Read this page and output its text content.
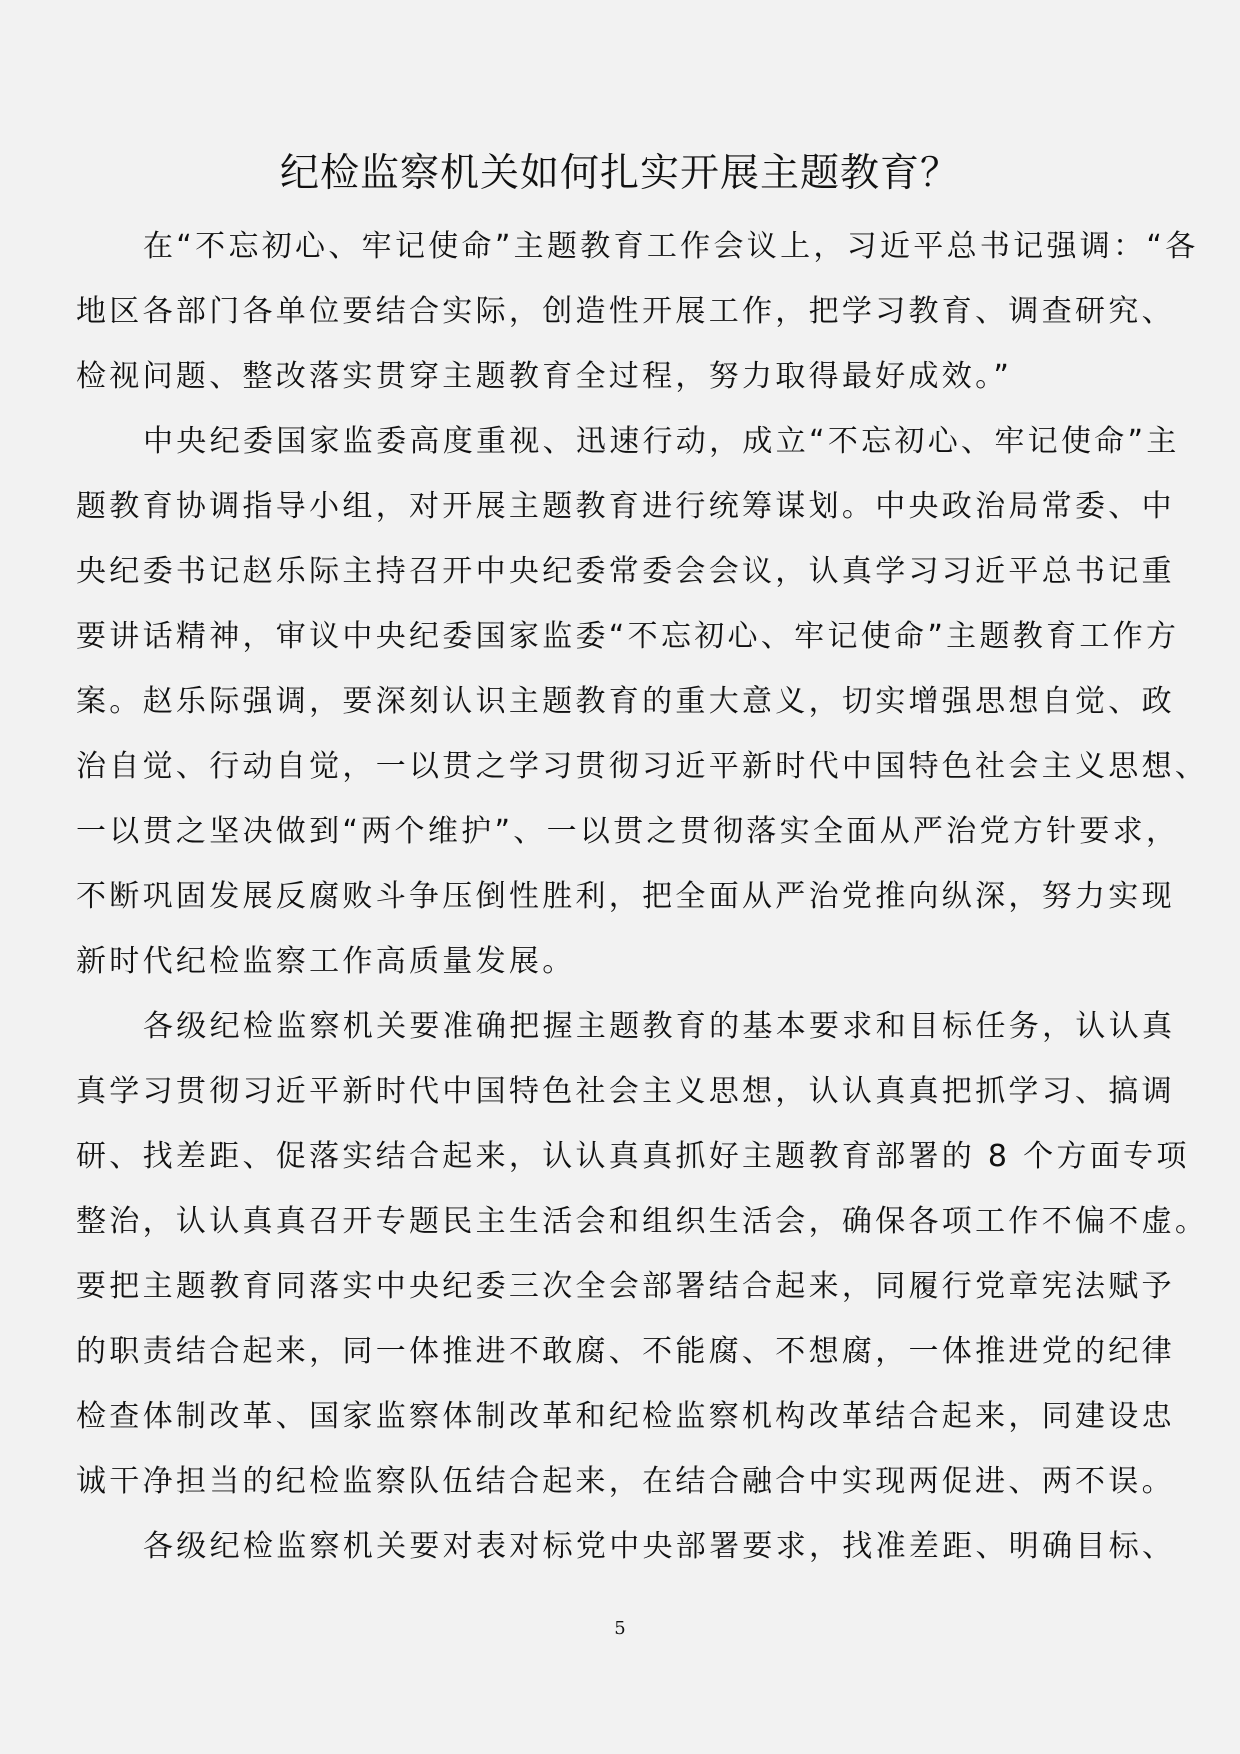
纪检监察机关如何扎实开展主题教育？
在“不忘初心、牢记使命”主题教育工作会议上，习近平总书记强调：“各
地区各部门各单位要结合实际，创造性开展工作，把学习教育、调查研究、
检视问题、整改落实贯穿主题教育全过程，努力取得最好成效。”
中央纪委国家监委高度重视、迅速行动，成立“不忘初心、牢记使命”主
题教育协调指导小组，对开展主题教育进行统筹谋划。中央政治局常委、中
央纪委书记赵乐际主持召开中央纪委常委会会议，认真学习习近平总书记重
要讲话精神，审议中央纪委国家监委“不忘初心、牢记使命”主题教育工作方
案。赵乐际强调，要深刻认识主题教育的重大意义，切实增强思想自觉、政
治自觉、行动自觉，一以贯之学习贯彻习近平新时代中国特色社会主义思想、
一以贯之坚决做到“两个维护”、一以贯之贯彻落实全面从严治党方针要求，
不断巩固发展反腐败斗争压倒性胜利，把全面从严治党推向纵深，努力实现
新时代纪检监察工作高质量发展。
各级纪检监察机关要准确把握主题教育的基本要求和目标任务，认认真
真学习贯彻习近平新时代中国特色社会主义思想，认认真真把抓学习、搞调
研、找差距、促落实结合起来，认认真真抓好主题教育部署的 8 个方面专项
整治，认认真真召开专题民主生活会和组织生活会，确保各项工作不偏不虚。
要把主题教育同落实中央纪委三次全会部署结合起来，同履行党章宪法赋予
的职责结合起来，同一体推进不敢腐、不能腐、不想腐，一体推进党的纪律
检查体制改革、国家监察体制改革和纪检监察机构改革结合起来，同建设忠
诚干净担当的纪检监察队伍结合起来，在结合融合中实现两促进、两不误。
各级纪检监察机关要对表对标党中央部署要求，找准差距、明确目标、
5
